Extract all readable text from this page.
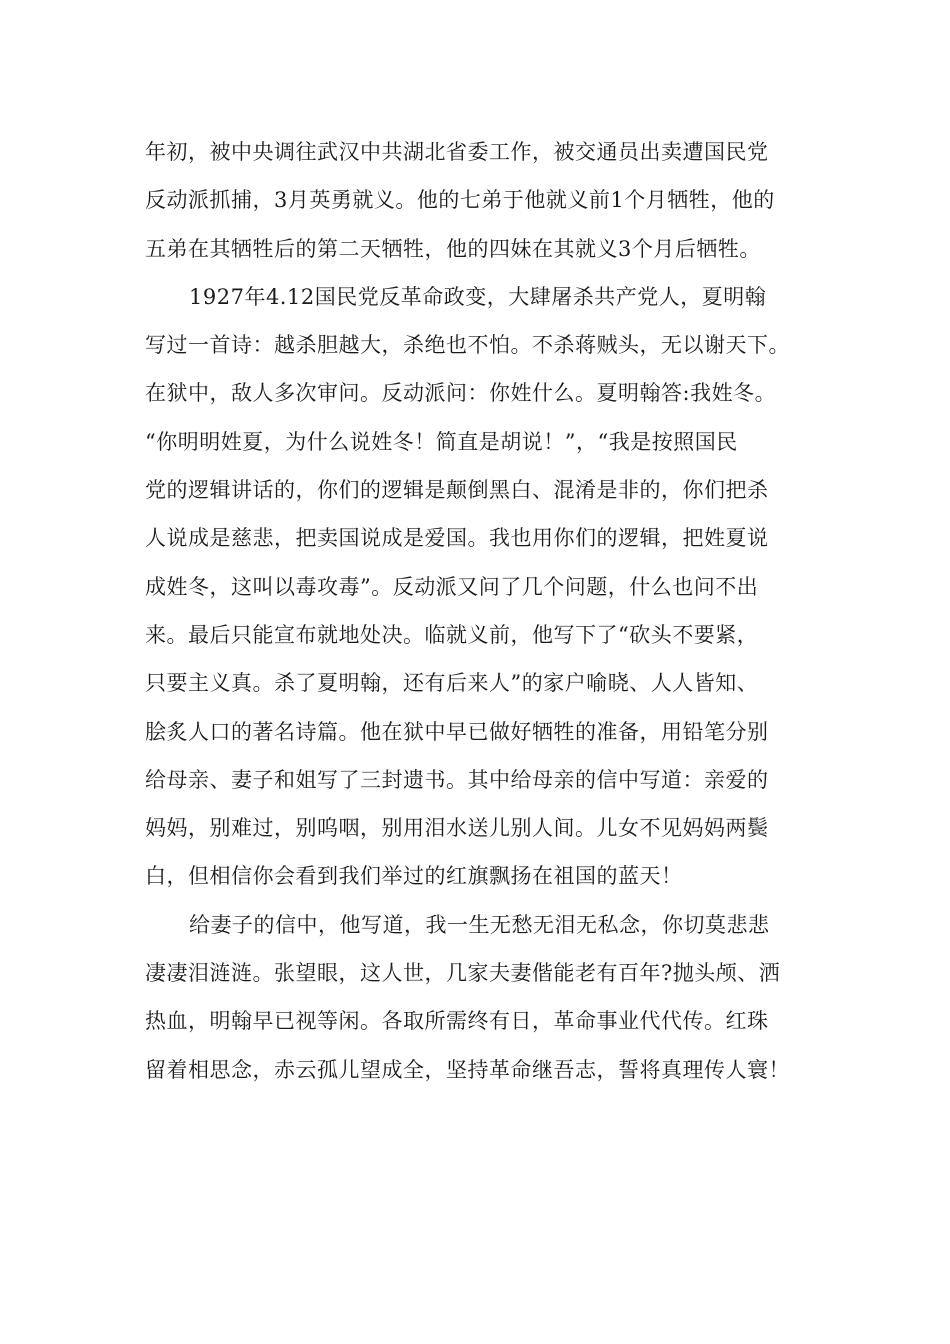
年初，被中央调往武汉中共湖北省委工作，被交通员出卖遭国民党
反动派抓捕，3月英勇就义。他的七弟于他就义前1个月牺牲，他的
五弟在其牺牲后的第二天牺牲，他的四妹在其就义3个月后牺牲。
1927年4.12国民党反革命政变，大肆屠杀共产党人，夏明翰
写过一首诗：越杀胆越大，杀绝也不怕。不杀蒋贼头，无以谢天下。
在狱中，敌人多次审问。反动派问：你姓什么。夏明翰答:我姓冬。
“你明明姓夏，为什么说姓冬！简直是胡说！”，“我是按照国民
党的逻辑讲话的，你们的逻辑是颠倒黑白、混淆是非的，你们把杀
人说成是慈悲，把卖国说成是爱国。我也用你们的逻辑，把姓夏说
成姓冬，这叫以毒攻毒”。反动派又问了几个问题，什么也问不出
来。最后只能宣布就地处决。临就义前，他写下了“砍头不要紧，
只要主义真。杀了夏明翰，还有后来人”的家户喻晓、人人皆知、
脍炙人口的著名诗篇。他在狱中早已做好牺牲的准备，用铅笔分别
给母亲、妻子和姐写了三封遗书。其中给母亲的信中写道：亲爱的
妈妈，别难过，别呜咽，别用泪水送儿别人间。儿女不见妈妈两鬓
白，但相信你会看到我们举过的红旗飘扬在祖国的蓝天！
给妻子的信中，他写道，我一生无愁无泪无私念，你切莫悲悲
凄凄泪涟涟。张望眼，这人世，几家夫妻偕能老有百年?抛头颅、洒
热血，明翰早已视等闲。各取所需终有日，革命事业代代传。红珠
留着相思念，赤云孤儿望成全，坚持革命继吾志，誓将真理传人寰！
